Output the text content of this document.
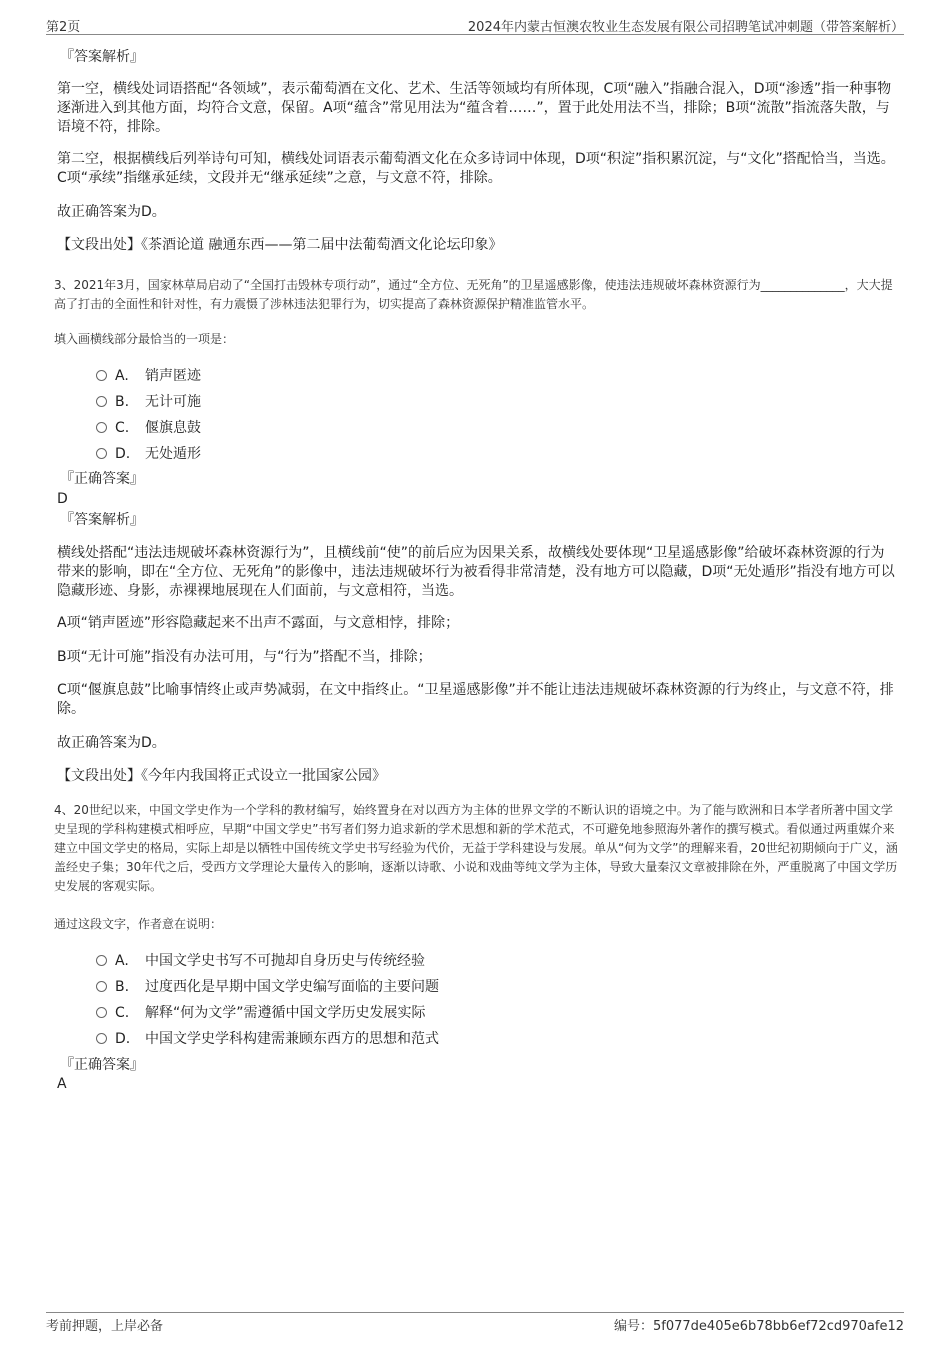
第2页	2024年内蒙古恒澳农牧业生态发展有限公司招聘笔试冲刺题（带答案解析）
『答案解析』
第一空，横线处词语搭配“各领域”，表示葡萄酒在文化、艺术、生活等领域均有所体现，C项“融入”指融合混入，D项“渗透”指一种事物逐渐进入到其他方面，均符合文意，保留。A项“蕴含”常见用法为“蕴含着……”，置于此处用法不当，排除；B项“流散”指流落失散，与语境不符，排除。
第二空，根据横线后列举诗句可知，横线处词语表示葡萄酒文化在众多诗词中体现，D项“积淀”指积累沉淀，与“文化”搭配恰当，当选。C项“承续”指继承延续，文段并无“继承延续”之意，与文意不符，排除。
故正确答案为D。
【文段出处】《茶酒论道 融通东西——第二届中法葡萄酒文化论坛印象》
3、2021年3月，国家林草局启动了“全国打击毁林专项行动”，通过“全方位、无死角”的卫星遥感影像，使违法违规破坏森林资源行为______________，大大提高了打击的全面性和针对性，有力震慑了涉林违法犯罪行为，切实提高了森林资源保护精准监管水平。
填入画横线部分最恰当的一项是：
A. 销声匿迹
B. 无计可施
C. 偃旗息鼓
D. 无处遁形
『正确答案』
D
『答案解析』
横线处搭配“违法违规破坏森林资源行为”，且横线前“使”的前后应为因果关系，故横线处要体现“卫星遥感影像”给破坏森林资源的行为带来的影响，即在“全方位、无死角”的影像中，违法违规破坏行为被看得非常清楚，没有地方可以隐藏，D项“无处遁形”指没有地方可以隐藏形迹、身影，赤裸裸地展现在人们面前，与文意相符，当选。
A项“销声匿迹”形容隐藏起来不出声不露面，与文意相悖，排除；
B项“无计可施”指没有办法可用，与“行为”搭配不当，排除；
C项“偃旗息鼓”比喻事情终止或声势减弱，在文中指终止。“卫星遥感影像”并不能让违法违规破坏森林资源的行为终止，与文意不符，排除。
故正确答案为D。
【文段出处】《今年内我国将正式设立一批国家公园》
4、20世纪以来，中国文学史作为一个学科的教材编写，始终置身在对以西方为主体的世界文学的不断认识的语境之中。为了能与欧洲和日本学者所著中国文学史呈现的学科构建模式相呼应，早期“中国文学史”书写者们努力追求新的学术思想和新的学术范式，不可避免地参照海外著作的撰写模式。看似通过两重媒介来建立中国文学史的格局，实际上却是以牺牲中国传统文学史书写经验为代价，无益于学科建设与发展。单从“何为文学”的理解来看，20世纪初期倾向于广义，涵盖经史子集；30年代之后，受西方文学理论大量传入的影响，逐渐以诗歌、小说和戏曲等纯文学为主体，导致大量秦汉文章被排除在外，严重脱离了中国文学历史发展的客观实际。
通过这段文字，作者意在说明：
A. 中国文学史书写不可抛却自身历史与传统经验
B. 过度西化是早期中国文学史编写面临的主要问题
C. 解释“何为文学”需遵循中国文学历史发展实际
D. 中国文学史学科构建需兼顾东西方的思想和范式
『正确答案』
A
考前押题，上岸必备	编号：5f077de405e6b78bb6ef72cd970afe12
